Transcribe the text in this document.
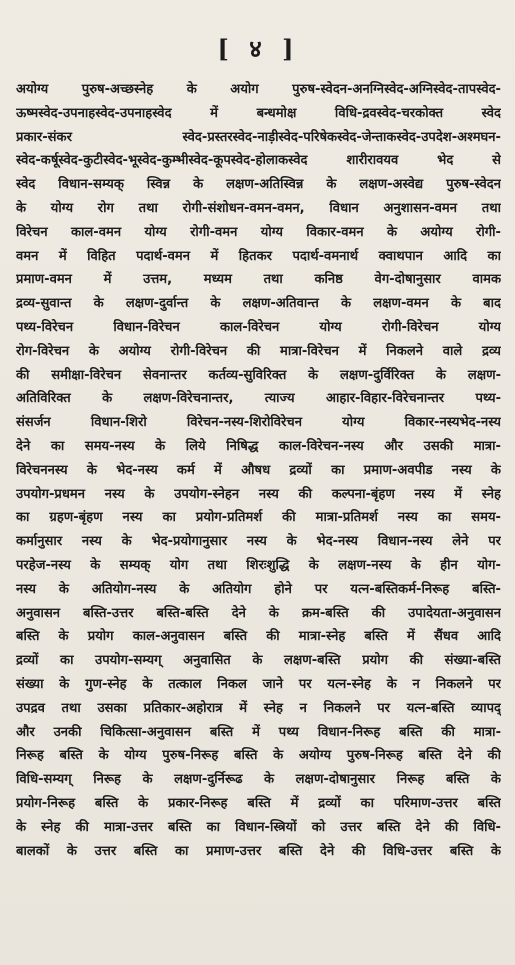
[ ४ ]
अयोग्य पुरुष-अच्छस्नेह के अयोग पुरुष-स्वेदन-अनग्निस्वेद-अग्निस्वेद-तापस्वेद-
ऊष्मस्वेद-उपनाहस्वेद-उपनाहस्वेद में बन्धमोक्ष विधि-द्रवस्वेद-चरकोक्त स्वेद
प्रकार-संकर स्वेद-प्रस्तरस्वेद-नाड़ीस्वेद-परिषेकस्वेद-जेन्ताकस्वेद-उपदेश-अश्मघन-
स्वेद-कर्षूस्वेद-कुटीस्वेद-भूस्वेद-कुम्भीस्वेद-कूपस्वेद-होलाकस्वेद शारीरावयव भेद से
स्वेद विधान-सम्यक् स्विन्न के लक्षण-अतिस्विन्न के लक्षण-अस्वेद्य पुरुष-स्वेदन
के योग्य रोग तथा रोगी-संशोधन-वमन-वमन, विधान अनुशासन-वमन तथा
विरेचन काल-वमन योग्य रोगी-वमन योग्य विकार-वमन के अयोग्य रोगी-
वमन में विहित पदार्थ-वमन में हितकर पदार्थ-वमनार्थ क्वाथपान आदि का
प्रमाण-वमन में उत्तम, मध्यम तथा कनिष्ठ वेग-दोषानुसार वामक
द्रव्य-सुवान्त के लक्षण-दुर्वान्त के लक्षण-अतिवान्त के लक्षण-वमन के बाद
पथ्य-विरेचन विधान-विरेचन काल-विरेचन योग्य रोगी-विरेचन योग्य
रोग-विरेचन के अयोग्य रोगी-विरेचन की मात्रा-विरेचन में निकलने वाले द्रव्य
की समीक्षा-विरेचन सेवनान्तर कर्तव्य-सुविरिक्त के लक्षण-दुर्विरिक्त के लक्षण-
अतिविरिक्त के लक्षण-विरेचनान्तर, त्याज्य आहार-विहार-विरेचनान्तर पथ्य-
संसर्जन विधान-शिरो विरेचन-नस्य-शिरोविरेचन योग्य विकार-नस्यभेद-नस्य
देने का समय-नस्य के लिये निषिद्ध काल-विरेचन-नस्य और उसकी मात्रा-
विरेचननस्य के भेद-नस्य कर्म में औषध द्रव्यों का प्रमाण-अवपीड नस्य के
उपयोग-प्रधमन नस्य के उपयोग-स्नेहन नस्य की कल्पना-बृंहण नस्य में स्नेह
का ग्रहण-बृंहण नस्य का प्रयोग-प्रतिमर्श की मात्रा-प्रतिमर्श नस्य का समय-
कर्मानुसार नस्य के भेद-प्रयोगानुसार नस्य के भेद-नस्य विधान-नस्य लेने पर
परहेज-नस्य के सम्यक् योग तथा शिरःशुद्धि के लक्षण-नस्य के हीन योग-
नस्य के अतियोग-नस्य के अतियोग होने पर यत्न-बस्तिकर्म-निरूह बस्ति-
अनुवासन बस्ति-उत्तर बस्ति-बस्ति देने के क्रम-बस्ति की उपादेयता-अनुवासन
बस्ति के प्रयोग काल-अनुवासन बस्ति की मात्रा-स्नेह बस्ति में सैंधव आदि
द्रव्यों का उपयोग-सम्यग् अनुवासित के लक्षण-बस्ति प्रयोग की संख्या-बस्ति
संख्या के गुण-स्नेह के तत्काल निकल जाने पर यत्न-स्नेह के न निकलने पर
उपद्रव तथा उसका प्रतिकार-अहोरात्र में स्नेह न निकलने पर यत्न-बस्ति व्यापद्
और उनकी चिकित्सा-अनुवासन बस्ति में पथ्य विधान-निरूह बस्ति की मात्रा-
निरूह बस्ति के योग्य पुरुष-निरूह बस्ति के अयोग्य पुरुष-निरूह बस्ति देने की
विधि-सम्यग् निरूह के लक्षण-दुर्निरूढ के लक्षण-दोषानुसार निरूह बस्ति के
प्रयोग-निरूह बस्ति के प्रकार-निरूह बस्ति में द्रव्यों का परिमाण-उत्तर बस्ति
के स्नेह की मात्रा-उत्तर बस्ति का विधान-स्त्रियों को उत्तर बस्ति देने की विधि-
बालकों के उत्तर बस्ति का प्रमाण-उत्तर बस्ति देने की विधि-उत्तर बस्ति के
